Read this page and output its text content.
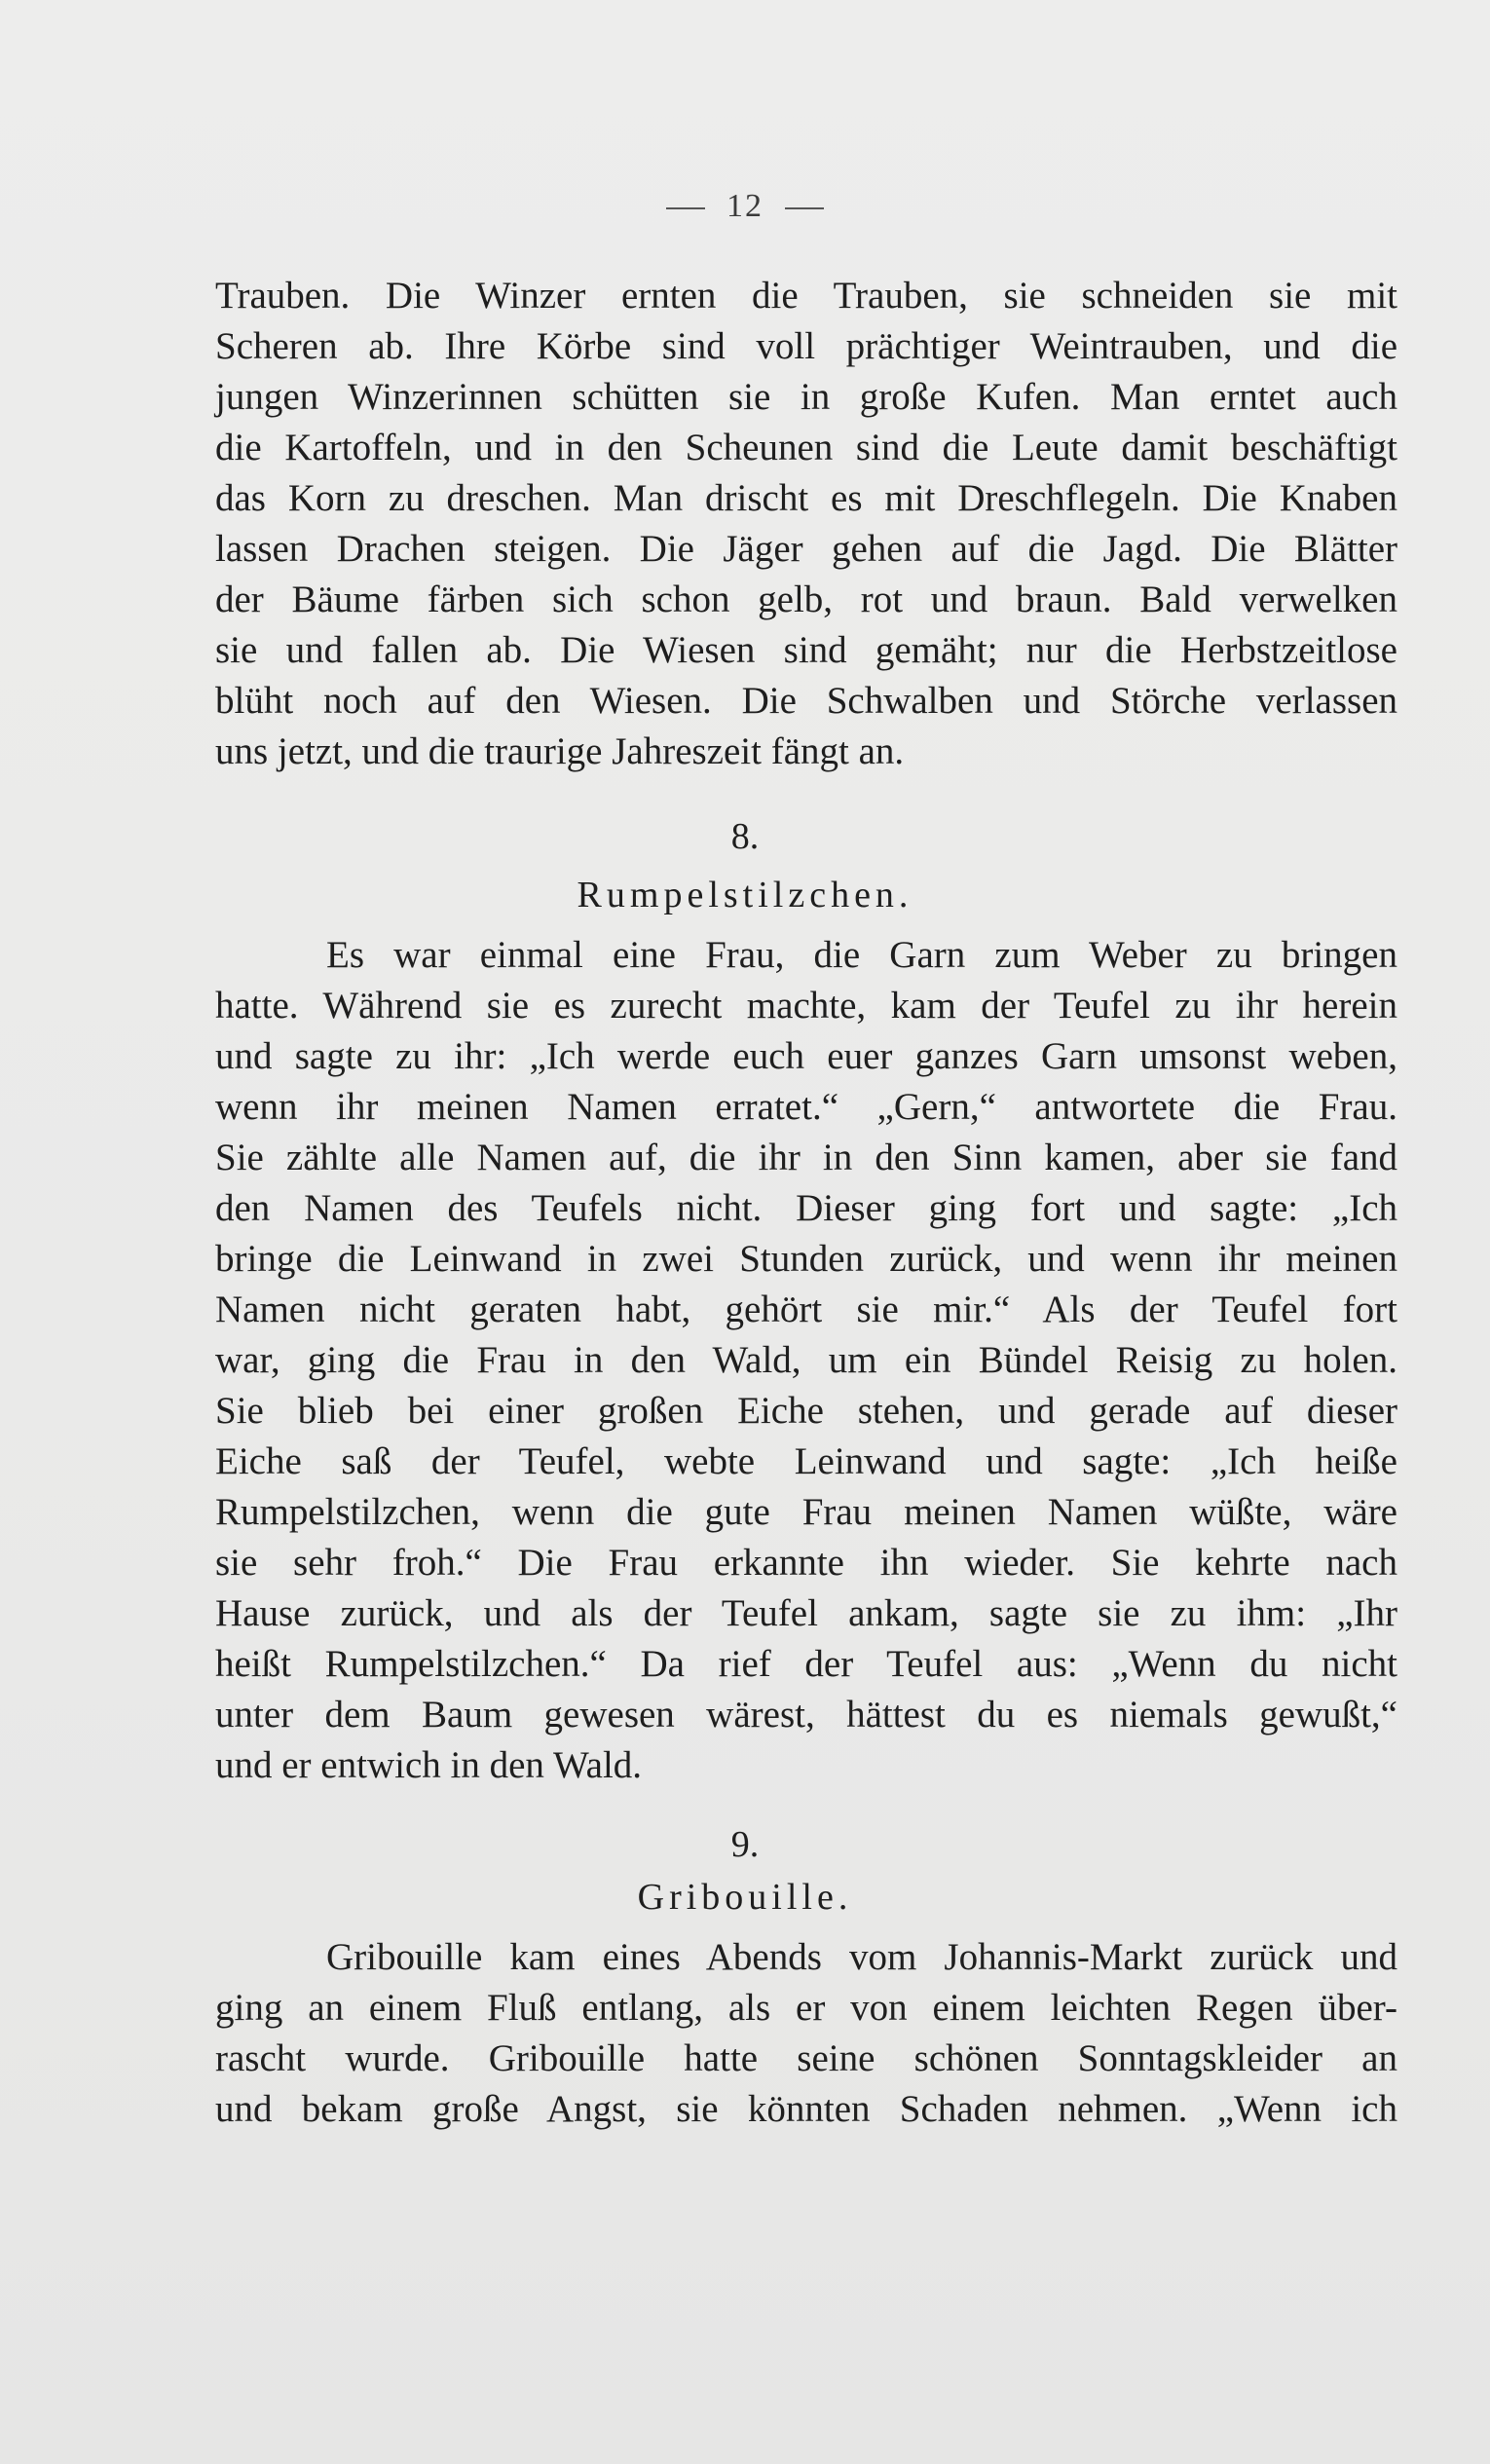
12
Trauben. Die Winzer ernten die Trauben, sie schneiden sie mit
Scheren ab. Ihre Körbe sind voll prächtiger Weintrauben, und die
jungen Winzerinnen schütten sie in große Kufen. Man erntet auch
die Kartoffeln, und in den Scheunen sind die Leute damit beschäftigt
das Korn zu dreschen. Man drischt es mit Dreschflegeln. Die Knaben
lassen Drachen steigen. Die Jäger gehen auf die Jagd. Die Blätter
der Bäume färben sich schon gelb, rot und braun. Bald verwelken
sie und fallen ab. Die Wiesen sind gemäht; nur die Herbstzeitlose
blüht noch auf den Wiesen. Die Schwalben und Störche verlassen
uns jetzt, und die traurige Jahreszeit fängt an.
8.
Rumpelstilzchen.
Es war einmal eine Frau, die Garn zum Weber zu bringen
hatte. Während sie es zurecht machte, kam der Teufel zu ihr herein
und sagte zu ihr: „Ich werde euch euer ganzes Garn umsonst weben,
wenn ihr meinen Namen erratet.“ „Gern,“ antwortete die Frau.
Sie zählte alle Namen auf, die ihr in den Sinn kamen, aber sie fand
den Namen des Teufels nicht. Dieser ging fort und sagte: „Ich
bringe die Leinwand in zwei Stunden zurück, und wenn ihr meinen
Namen nicht geraten habt, gehört sie mir.“ Als der Teufel fort
war, ging die Frau in den Wald, um ein Bündel Reisig zu holen.
Sie blieb bei einer großen Eiche stehen, und gerade auf dieser
Eiche saß der Teufel, webte Leinwand und sagte: „Ich heiße
Rumpelstilzchen, wenn die gute Frau meinen Namen wüßte, wäre
sie sehr froh.“ Die Frau erkannte ihn wieder. Sie kehrte nach
Hause zurück, und als der Teufel ankam, sagte sie zu ihm: „Ihr
heißt Rumpelstilzchen.“ Da rief der Teufel aus: „Wenn du nicht
unter dem Baum gewesen wärest, hättest du es niemals gewußt,“
und er entwich in den Wald.
9.
Gribouille.
Gribouille kam eines Abends vom Johannis-Markt zurück und
ging an einem Fluß entlang, als er von einem leichten Regen über-
rascht wurde. Gribouille hatte seine schönen Sonntagskleider an
und bekam große Angst, sie könnten Schaden nehmen. „Wenn ich
